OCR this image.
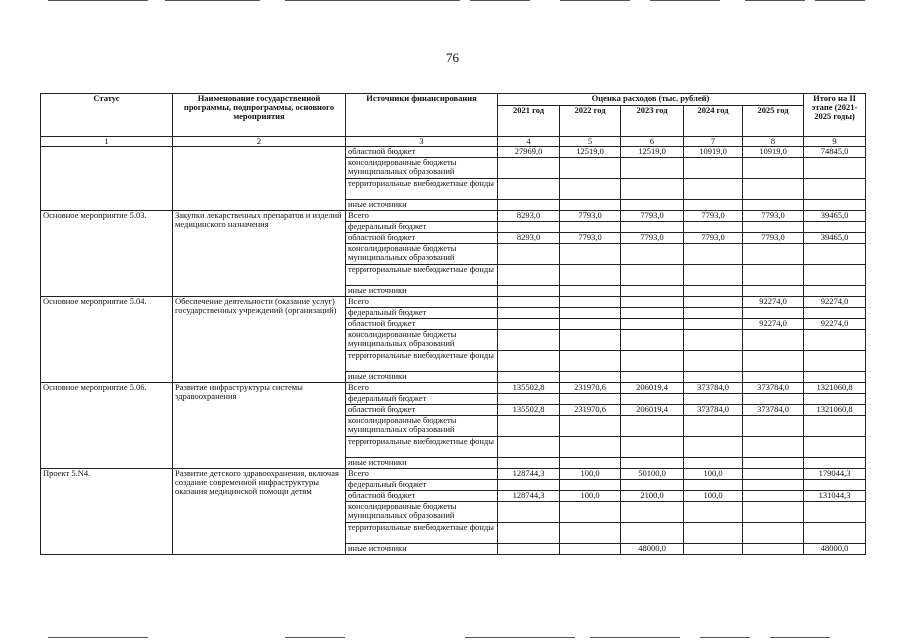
76
Статус	Наименование государственной программы, подпрограммы, основного мероприятия	Источники финансирования	Оценка расходов (тыс. рублей)					Итого на II этапе (2021-2025 годы)
			2021 год	2022 год	2023 год	2024 год	2025 год	
1	2	3	4	5	6	7	8	9
		областной бюджет	27969,0	12519,0	12519,0	10919,0	10919,0	74845,0
		консолидированные бюджеты муниципальных образований						
		территориальные внебюджетные фонды						
		иные источники						
Основное мероприятие 5.03.	Закупки лекарственных препаратов и изделий медицинского назначения	Всего	8293,0	7793,0	7793,0	7793,0	7793,0	39465,0
		федеральный бюджет						
		областной бюджет	8293,0	7793,0	7793,0	7793,0	7793,0	39465,0
		консолидированные бюджеты муниципальных образований						
		территориальные внебюджетные фонды						
		иные источники						
Основное мероприятие 5.04.	Обеспечение деятельности (оказание услуг) государственных учреждений (организаций)	Всего					92274,0	92274,0
		федеральный бюджет						
		областной бюджет					92274,0	92274,0
		консолидированные бюджеты муниципальных образований						
		территориальные внебюджетные фонды						
		иные источники						
Основное мероприятие 5.06.	Развитие инфраструктуры системы здравоохранения	Всего	135502,8	231970,6	206019,4	373784,0	373784,0	1321060,8
		федеральный бюджет						
		областной бюджет	135502,8	231970,6	206019,4	373784,0	373784,0	1321060,8
		консолидированные бюджеты муниципальных образований						
		территориальные внебюджетные фонды						
		иные источники						
Проект 5.N4.	Развитие детского здравоохранения, включая создание современной инфраструктуры оказания медицинской помощи детям	Всего	128744,3	100,0	50100,0	100,0		179044,3
		федеральный бюджет						
		областной бюджет	128744,3	100,0	2100,0	100,0		131044,3
		консолидированные бюджеты муниципальных образований						
		территориальные внебюджетные фонды						
		иные источники			48000,0			48000,0
